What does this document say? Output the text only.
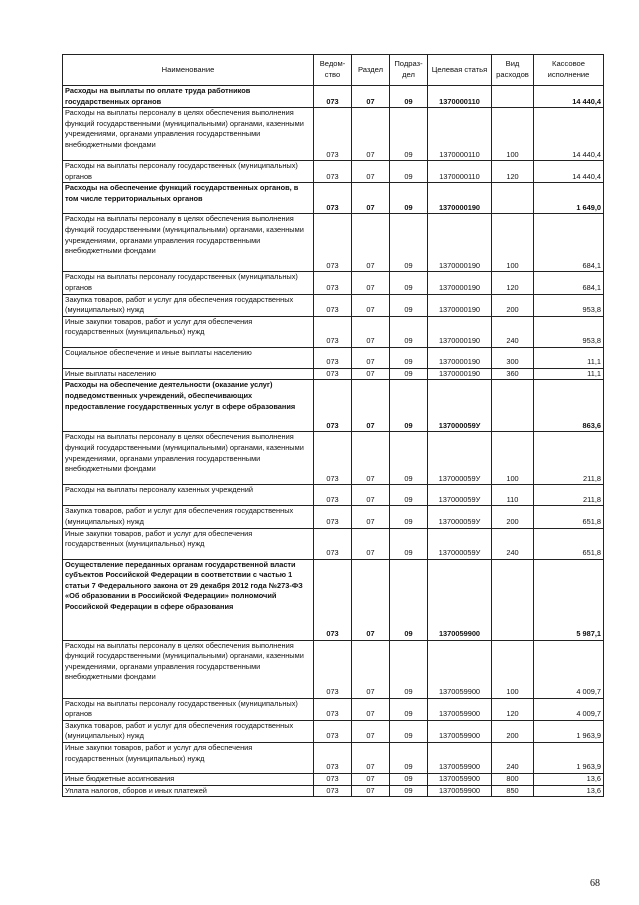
Наименование	Ведом-ство	Раздел	Подраз-дел	Целевая статья	Вид расходов	Кассовое исполнение
Расходы на выплаты по оплате труда работников государственных органов	073	07	09	1370000110		14 440,4
Расходы на выплаты персоналу в целях обеспечения выполнения функций государственными (муниципальными) органами, казенными учреждениями, органами управления государственными внебюджетными фондами	073	07	09	1370000110	100	14 440,4
Расходы на выплаты персоналу государственных (муниципальных) органов	073	07	09	1370000110	120	14 440,4
Расходы на обеспечение функций государственных органов, в том числе территориальных органов	073	07	09	1370000190		1 649,0
Расходы на выплаты персоналу в целях обеспечения выполнения функций государственными (муниципальными) органами, казенными учреждениями, органами управления государственными внебюджетными фондами	073	07	09	1370000190	100	684,1
Расходы на выплаты персоналу государственных (муниципальных) органов	073	07	09	1370000190	120	684,1
Закупка товаров, работ и услуг для обеспечения государственных (муниципальных) нужд	073	07	09	1370000190	200	953,8
Иные закупки товаров, работ и услуг для обеспечения государственных (муниципальных) нужд	073	07	09	1370000190	240	953,8
Социальное обеспечение и иные выплаты населению	073	07	09	1370000190	300	11,1
Иные выплаты населению	073	07	09	1370000190	360	11,1
Расходы на обеспечение деятельности (оказание услуг) подведомственных учреждений, обеспечивающих предоставление государственных услуг в сфере образования	073	07	09	137000059У		863,6
Расходы на выплаты персоналу в целях обеспечения выполнения функций государственными (муниципальными) органами, казенными учреждениями, органами управления государственными внебюджетными фондами	073	07	09	137000059У	100	211,8
Расходы на выплаты персоналу казенных учреждений	073	07	09	137000059У	110	211,8
Закупка товаров, работ и услуг для обеспечения государственных (муниципальных) нужд	073	07	09	137000059У	200	651,8
Иные закупки товаров, работ и услуг для обеспечения государственных (муниципальных) нужд	073	07	09	137000059У	240	651,8
Осуществление переданных органам государственной власти субъектов Российской Федерации в соответствии с частью 1 статьи 7 Федерального закона от 29 декабря 2012 года №273-ФЗ «Об образовании в Российской Федерации» полномочий Российской Федерации в сфере образования	073	07	09	1370059900		5 987,1
Расходы на выплаты персоналу в целях обеспечения выполнения функций государственными (муниципальными) органами, казенными учреждениями, органами управления государственными внебюджетными фондами	073	07	09	1370059900	100	4 009,7
Расходы на выплаты персоналу государственных (муниципальных) органов	073	07	09	1370059900	120	4 009,7
Закупка товаров, работ и услуг для обеспечения государственных (муниципальных) нужд	073	07	09	1370059900	200	1 963,9
Иные закупки товаров, работ и услуг для обеспечения государственных (муниципальных) нужд	073	07	09	1370059900	240	1 963,9
Иные бюджетные ассигнования	073	07	09	1370059900	800	13,6
Уплата налогов, сборов и иных платежей	073	07	09	1370059900	850	13,6
68
